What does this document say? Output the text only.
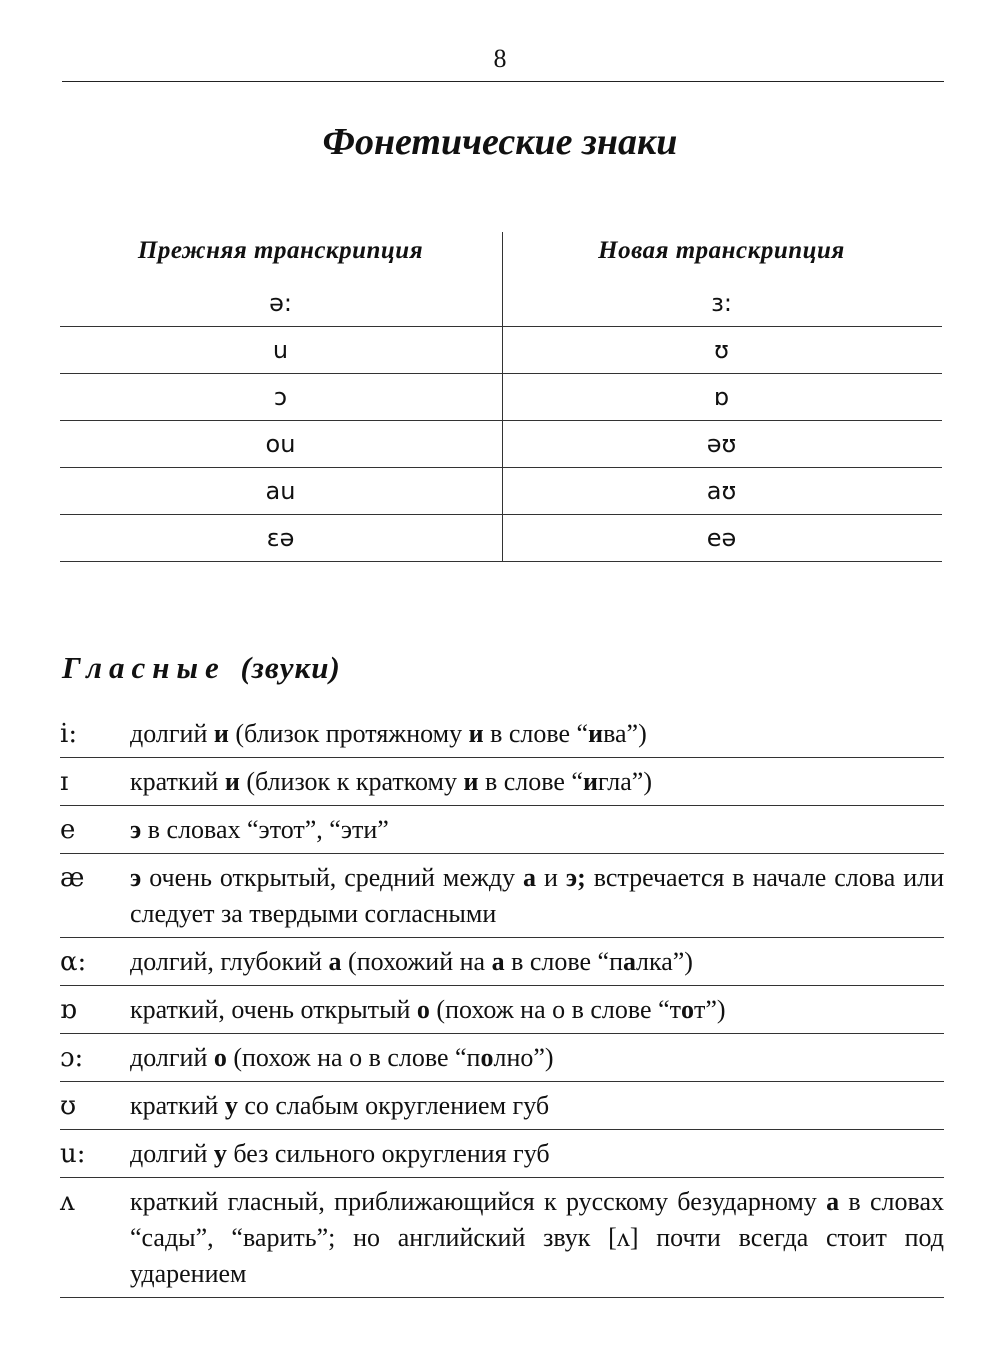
8
Фонетические знаки
Прежняя транскрипция	Новая транскрипция
ə:	ɜ:
u	ʊ
ɔ	ɒ
ou	əʊ
au	aʊ
ɛə	eə
Гласные (звуки)
i:	долгий и (близок протяжному и в слове “ива”)
ɪ	краткий и (близок к краткому и в слове “игла”)
e	э в словах “этот”, “эти”
æ	э очень открытый, средний между а и э; встречается в начале слова или следует за твердыми согласными
α:	долгий, глубокий а (похожий на а в слове “палка”)
ɒ	краткий, очень открытый о (похож на о в слове “тот”)
ɔ:	долгий о (похож на о в слове “полно”)
ʊ	краткий у со слабым округлением губ
u:	долгий у без сильного округления губ
ʌ	краткий гласный, приближающийся к русскому безударному а в словах “сады”, “варить”; но английский звук [ʌ] почти всегда стоит под ударением
